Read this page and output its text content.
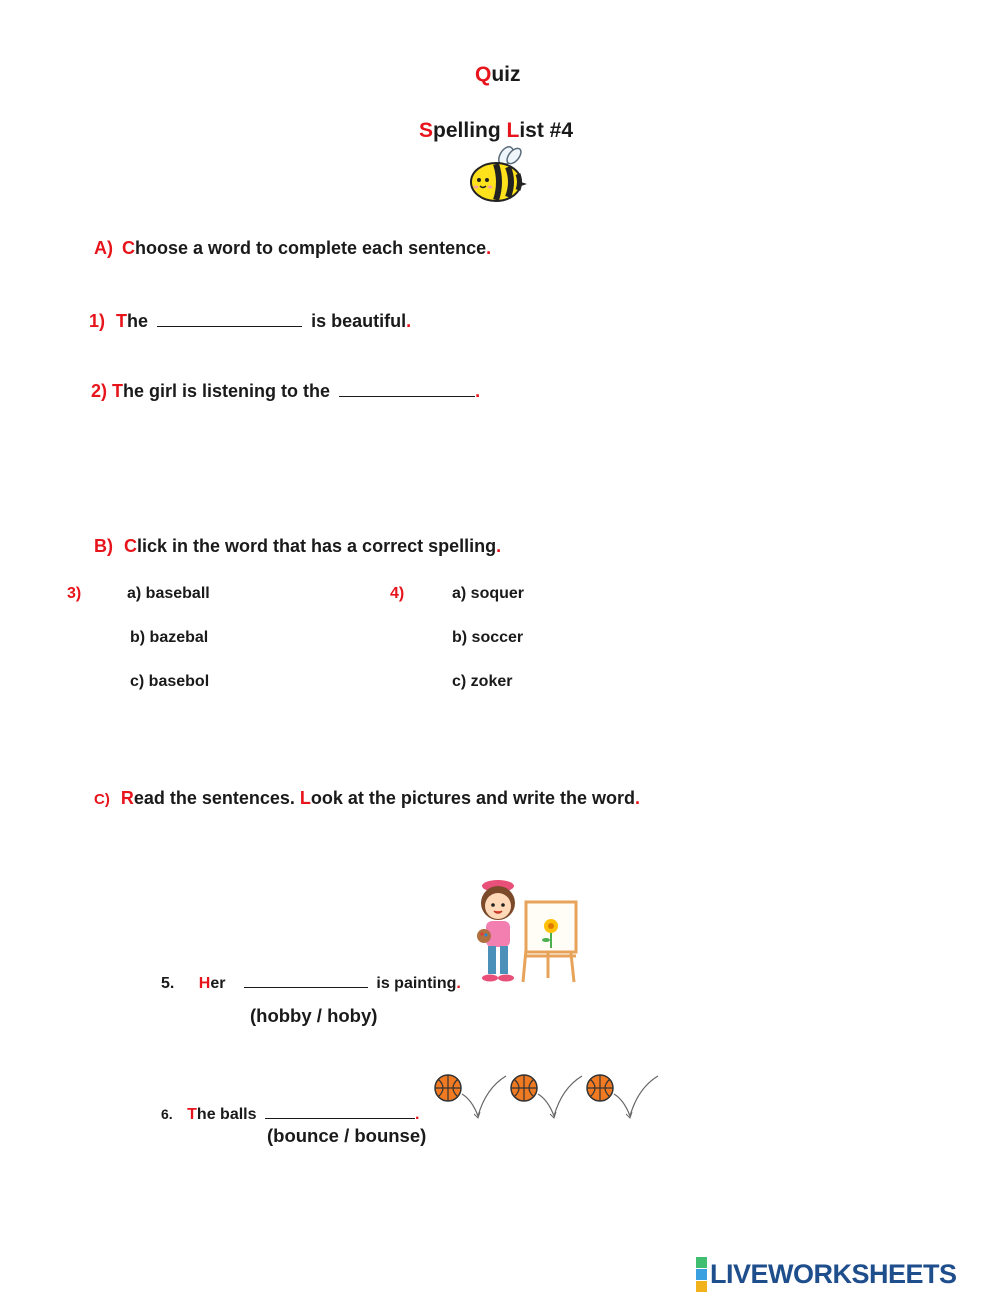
Quiz
Spelling List #4
A) Choose a word to complete each sentence.
1) The	is beautiful.
2) The girl is listening to the	.
B) Click in the word that has a correct spelling.
3)	a) baseball
b) bazebal
c) basebol
4)	a) soquer
b) soccer
c) zoker
C) Read the sentences. Look at the pictures and write the word.
5. Her	is painting.
(hobby / hoby)
6. The balls	.
(bounce / bounse)
LIVEWORKSHEETS
